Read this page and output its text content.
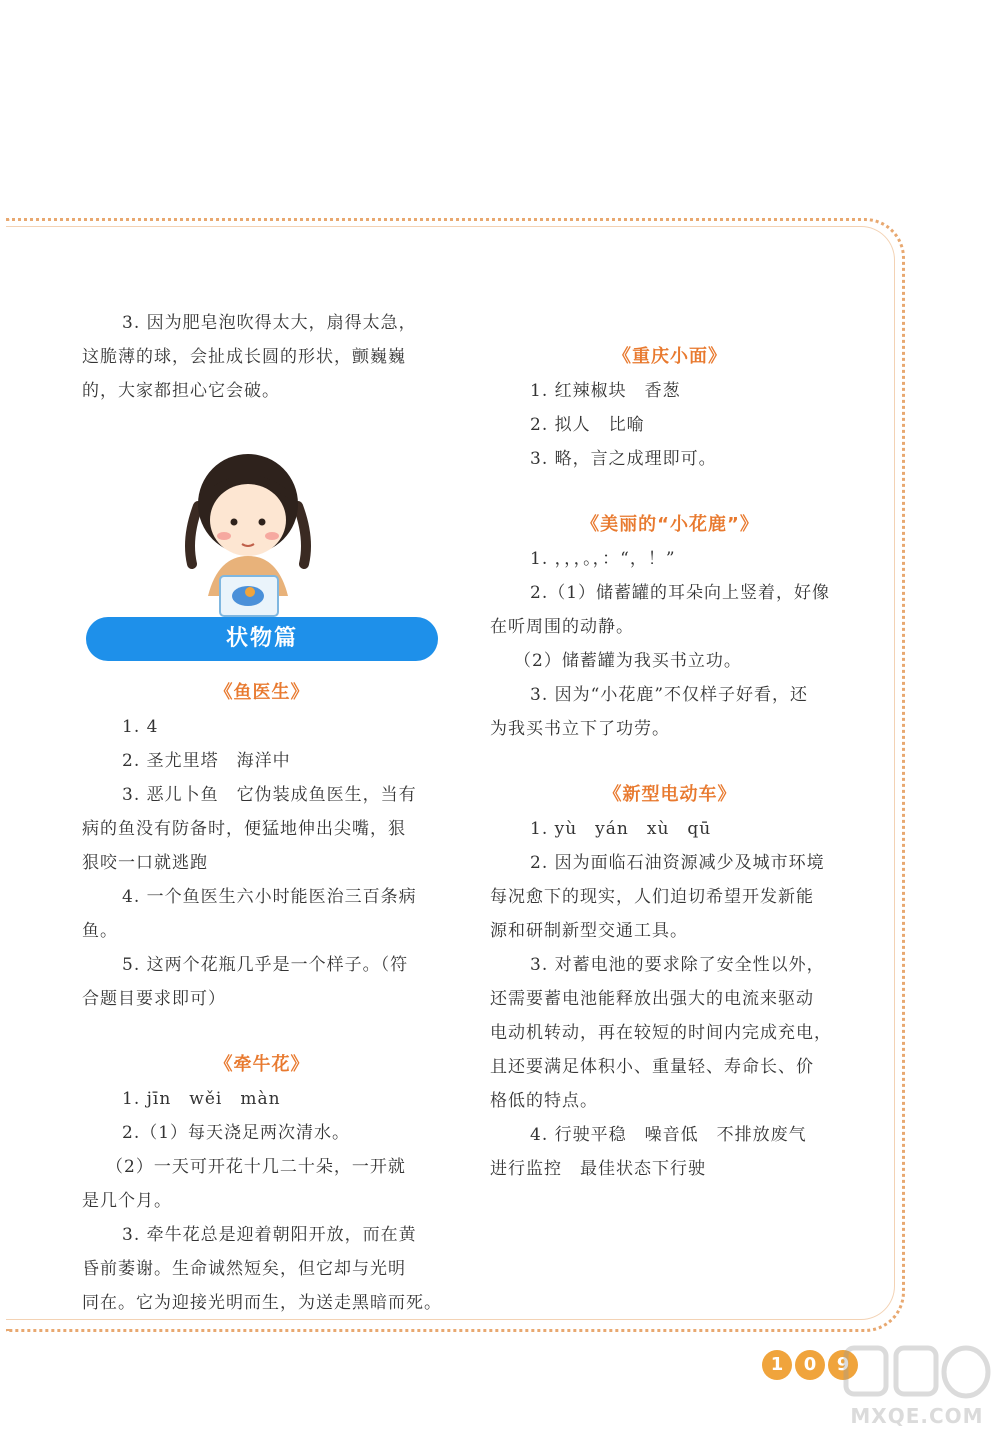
3. 因为肥皂泡吹得太大，扇得太急，

这脆薄的球，会扯成长圆的形状，颤巍巍

的，大家都担心它会破。

状物篇

《鱼医生》

1. 4

2. 圣尤里塔　海洋中

3. 恶儿卜鱼　它伪装成鱼医生，当有

病的鱼没有防备时，便猛地伸出尖嘴，狠

狠咬一口就逃跑

4. 一个鱼医生六小时能医治三百条病鱼。

5. 这两个花瓶几乎是一个样子。（符

合题目要求即可）

《牵牛花》

1. jīn　wěi　màn

2.（1）每天浇足两次清水。

（2）一天可开花十几二十朵，一开就

是几个月。

3. 牵牛花总是迎着朝阳开放，而在黄

昏前萎谢。生命诚然短矣，但它却与光明

同在。它为迎接光明而生，为送走黑暗而死。

《重庆小面》

1. 红辣椒块　香葱

2. 拟人　比喻

3. 略，言之成理即可。

《美丽的“小花鹿”》

1. ，，，。，：“，！”

2.（1）储蓄罐的耳朵向上竖着，好像

在听周围的动静。

（2）储蓄罐为我买书立功。

3. 因为“小花鹿”不仅样子好看，还

为我买书立下了功劳。

《新型电动车》

1. yù　yán　xù　qū

2. 因为面临石油资源减少及城市环境

每况愈下的现实，人们迫切希望开发新能

源和研制新型交通工具。

3. 对蓄电池的要求除了安全性以外，

还需要蓄电池能释放出强大的电流来驱动

电动机转动，再在较短的时间内完成充电，

且还要满足体积小、重量轻、寿命长、价

格低的特点。

4. 行驶平稳　噪音低　不排放废气

进行监控　最佳状态下行驶

1	0	9
MXQE.COM
